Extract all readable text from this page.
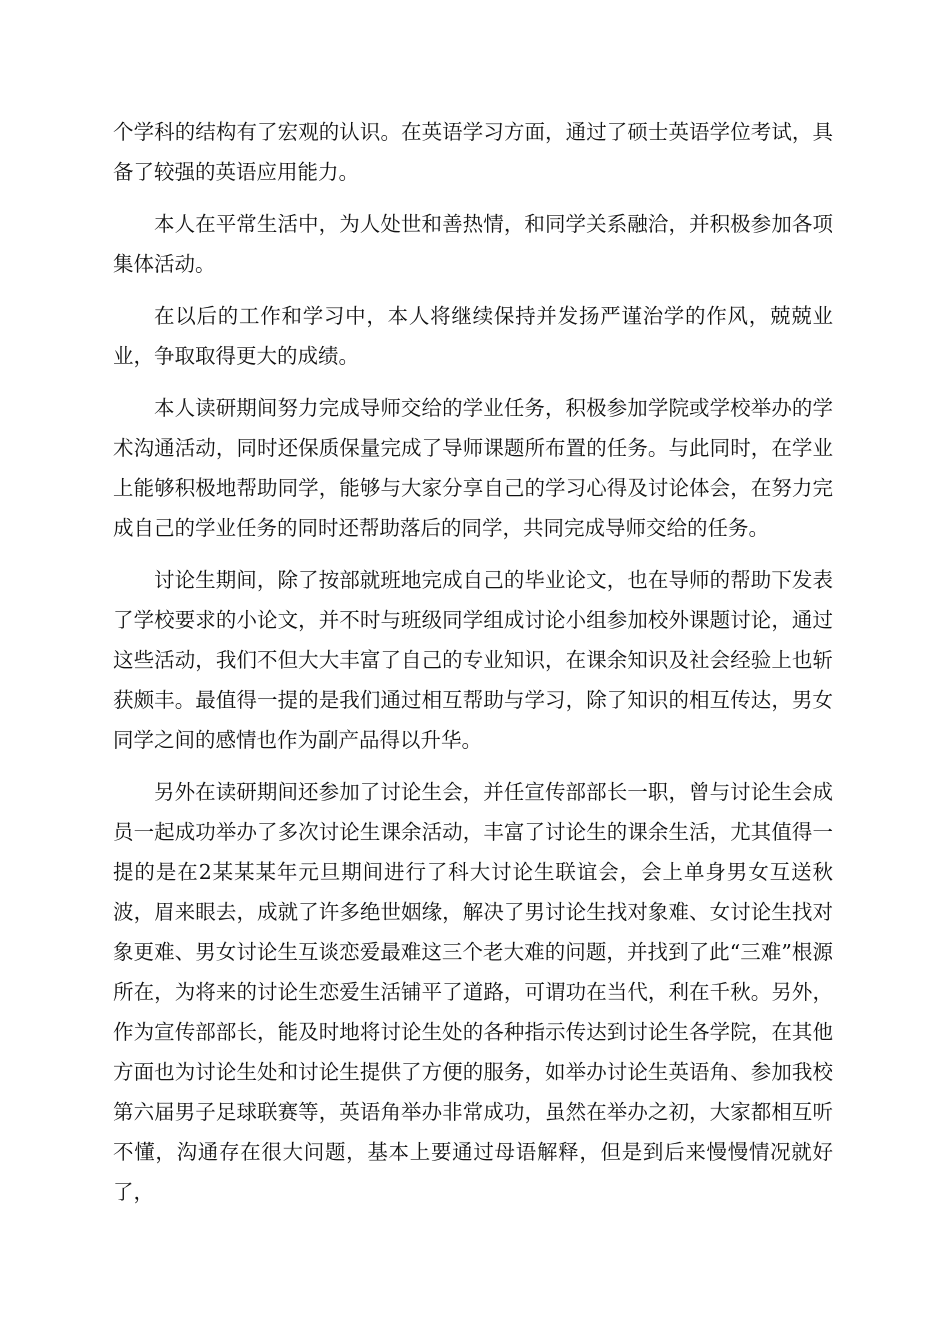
个学科的结构有了宏观的认识。在英语学习方面，通过了硕士英语学位考试，具备了较强的英语应用能力。

本人在平常生活中，为人处世和善热情，和同学关系融洽，并积极参加各项集体活动。

在以后的工作和学习中，本人将继续保持并发扬严谨治学的作风，兢兢业业，争取取得更大的成绩。

本人读研期间努力完成导师交给的学业任务，积极参加学院或学校举办的学术沟通活动，同时还保质保量完成了导师课题所布置的任务。与此同时，在学业上能够积极地帮助同学，能够与大家分享自己的学习心得及讨论体会，在努力完成自己的学业任务的同时还帮助落后的同学，共同完成导师交给的任务。

讨论生期间，除了按部就班地完成自己的毕业论文，也在导师的帮助下发表了学校要求的小论文，并不时与班级同学组成讨论小组参加校外课题讨论，通过这些活动，我们不但大大丰富了自己的专业知识，在课余知识及社会经验上也斩获颇丰。最值得一提的是我们通过相互帮助与学习，除了知识的相互传达，男女同学之间的感情也作为副产品得以升华。

另外在读研期间还参加了讨论生会，并任宣传部部长一职，曾与讨论生会成员一起成功举办了多次讨论生课余活动，丰富了讨论生的课余生活，尤其值得一提的是在2某某某年元旦期间进行了科大讨论生联谊会，会上单身男女互送秋波，眉来眼去，成就了许多绝世姻缘，解决了男讨论生找对象难、女讨论生找对象更难、男女讨论生互谈恋爱最难这三个老大难的问题，并找到了此“三难”根源所在，为将来的讨论生恋爱生活铺平了道路，可谓功在当代，利在千秋。另外，作为宣传部部长，能及时地将讨论生处的各种指示传达到讨论生各学院，在其他方面也为讨论生处和讨论生提供了方便的服务，如举办讨论生英语角、参加我校第六届男子足球联赛等，英语角举办非常成功，虽然在举办之初，大家都相互听不懂，沟通存在很大问题，基本上要通过母语解释，但是到后来慢慢情况就好了，
